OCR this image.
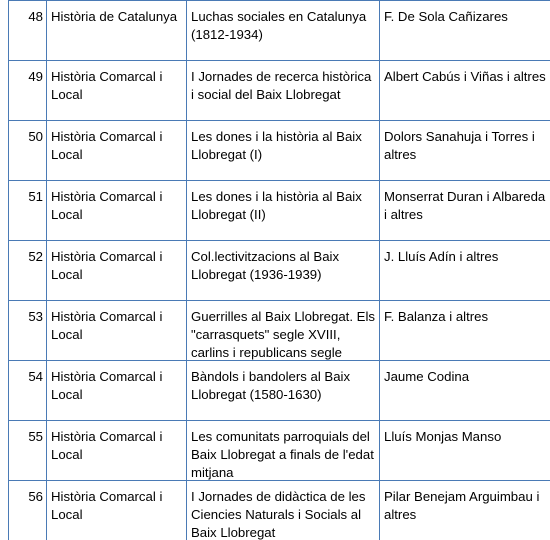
48	Història de Catalunya	Luchas sociales en Catalunya (1812-1934)	F. De Sola Cañizares

49	Història Comarcal i Local	I Jornades de recerca històrica i social del Baix Llobregat	Albert Cabús i Viñas i altres

50	Història Comarcal i Local	Les dones i la història al Baix Llobregat (I)	Dolors Sanahuja i Torres i altres

51	Història Comarcal i Local	Les dones i la història al Baix Llobregat (II)	Monserrat Duran i Albareda i altres

52	Història Comarcal i Local	Col.lectivitzacions al Baix Llobregat (1936-1939)	J. Lluís Adín i altres

53	Història Comarcal i Local	Guerrilles al Baix Llobregat. Els "carrasquets" segle XVIII, carlins i republicans segle	F. Balanza i altres

54	Història Comarcal i Local	Bàndols i bandolers al Baix Llobregat (1580-1630)	Jaume Codina

55	Història Comarcal i Local	Les comunitats parroquials del Baix Llobregat a finals de l'edat mitjana	Lluís Monjas Manso

56	Història Comarcal i Local	I Jornades de didàctica de les Ciencies Naturals i Socials al Baix Llobregat	Pilar Benejam Arguimbau i altres
